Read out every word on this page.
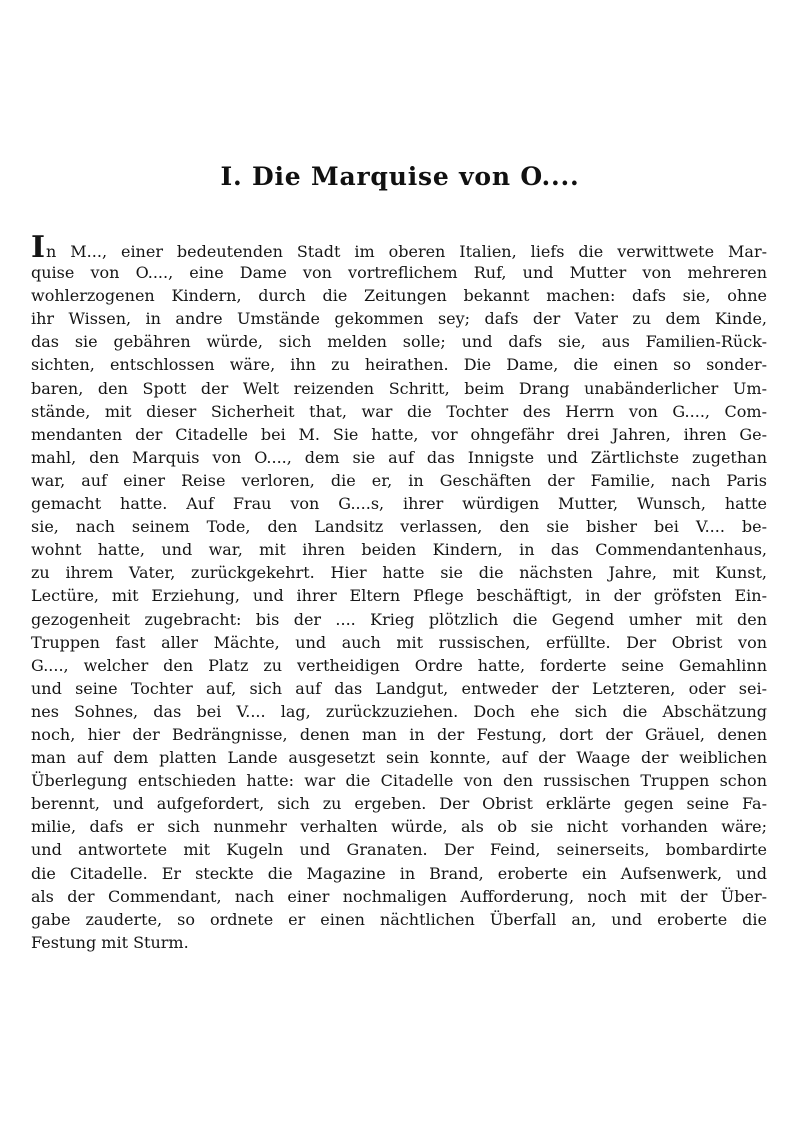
I. Die Marquise von O....
In M..., einer bedeutenden Stadt im oberen Italien, liefs die verwittwete Mar-
quise von O...., eine Dame von vortreflichem Ruf, und Mutter von mehreren
wohlerzogenen Kindern, durch die Zeitungen bekannt machen: dafs sie, ohne
ihr Wissen, in andre Umstände gekommen sey; dafs der Vater zu dem Kinde,
das sie gebähren würde, sich melden solle; und dafs sie, aus Familien-Rück-
sichten, entschlossen wäre, ihn zu heirathen. Die Dame, die einen so sonder-
baren, den Spott der Welt reizenden Schritt, beim Drang unabänderlicher Um-
stände, mit dieser Sicherheit that, war die Tochter des Herrn von G...., Com-
mendanten der Citadelle bei M. Sie hatte, vor ohngefähr drei Jahren, ihren Ge-
mahl, den Marquis von O...., dem sie auf das Innigste und Zärtlichste zugethan
war, auf einer Reise verloren, die er, in Geschäften der Familie, nach Paris
gemacht hatte. Auf Frau von G....s, ihrer würdigen Mutter, Wunsch, hatte
sie, nach seinem Tode, den Landsitz verlassen, den sie bisher bei V.... be-
wohnt hatte, und war, mit ihren beiden Kindern, in das Commendantenhaus,
zu ihrem Vater, zurückgekehrt. Hier hatte sie die nächsten Jahre, mit Kunst,
Lectüre, mit Erziehung, und ihrer Eltern Pflege beschäftigt, in der gröfsten Ein-
gezogenheit zugebracht: bis der .... Krieg plötzlich die Gegend umher mit den
Truppen fast aller Mächte, und auch mit russischen, erfüllte. Der Obrist von
G...., welcher den Platz zu vertheidigen Ordre hatte, forderte seine Gemahlinn
und seine Tochter auf, sich auf das Landgut, entweder der Letzteren, oder sei-
nes Sohnes, das bei V.... lag, zurückzuziehen. Doch ehe sich die Abschätzung
noch, hier der Bedrängnisse, denen man in der Festung, dort der Gräuel, denen
man auf dem platten Lande ausgesetzt sein konnte, auf der Waage der weiblichen
Überlegung entschieden hatte: war die Citadelle von den russischen Truppen schon
berennt, und aufgefordert, sich zu ergeben. Der Obrist erklärte gegen seine Fa-
milie, dafs er sich nunmehr verhalten würde, als ob sie nicht vorhanden wäre;
und antwortete mit Kugeln und Granaten. Der Feind, seinerseits, bombardirte
die Citadelle. Er steckte die Magazine in Brand, eroberte ein Aufsenwerk, und
als der Commendant, nach einer nochmaligen Aufforderung, noch mit der Über-
gabe zauderte, so ordnete er einen nächtlichen Überfall an, und eroberte die
Festung mit Sturm.
